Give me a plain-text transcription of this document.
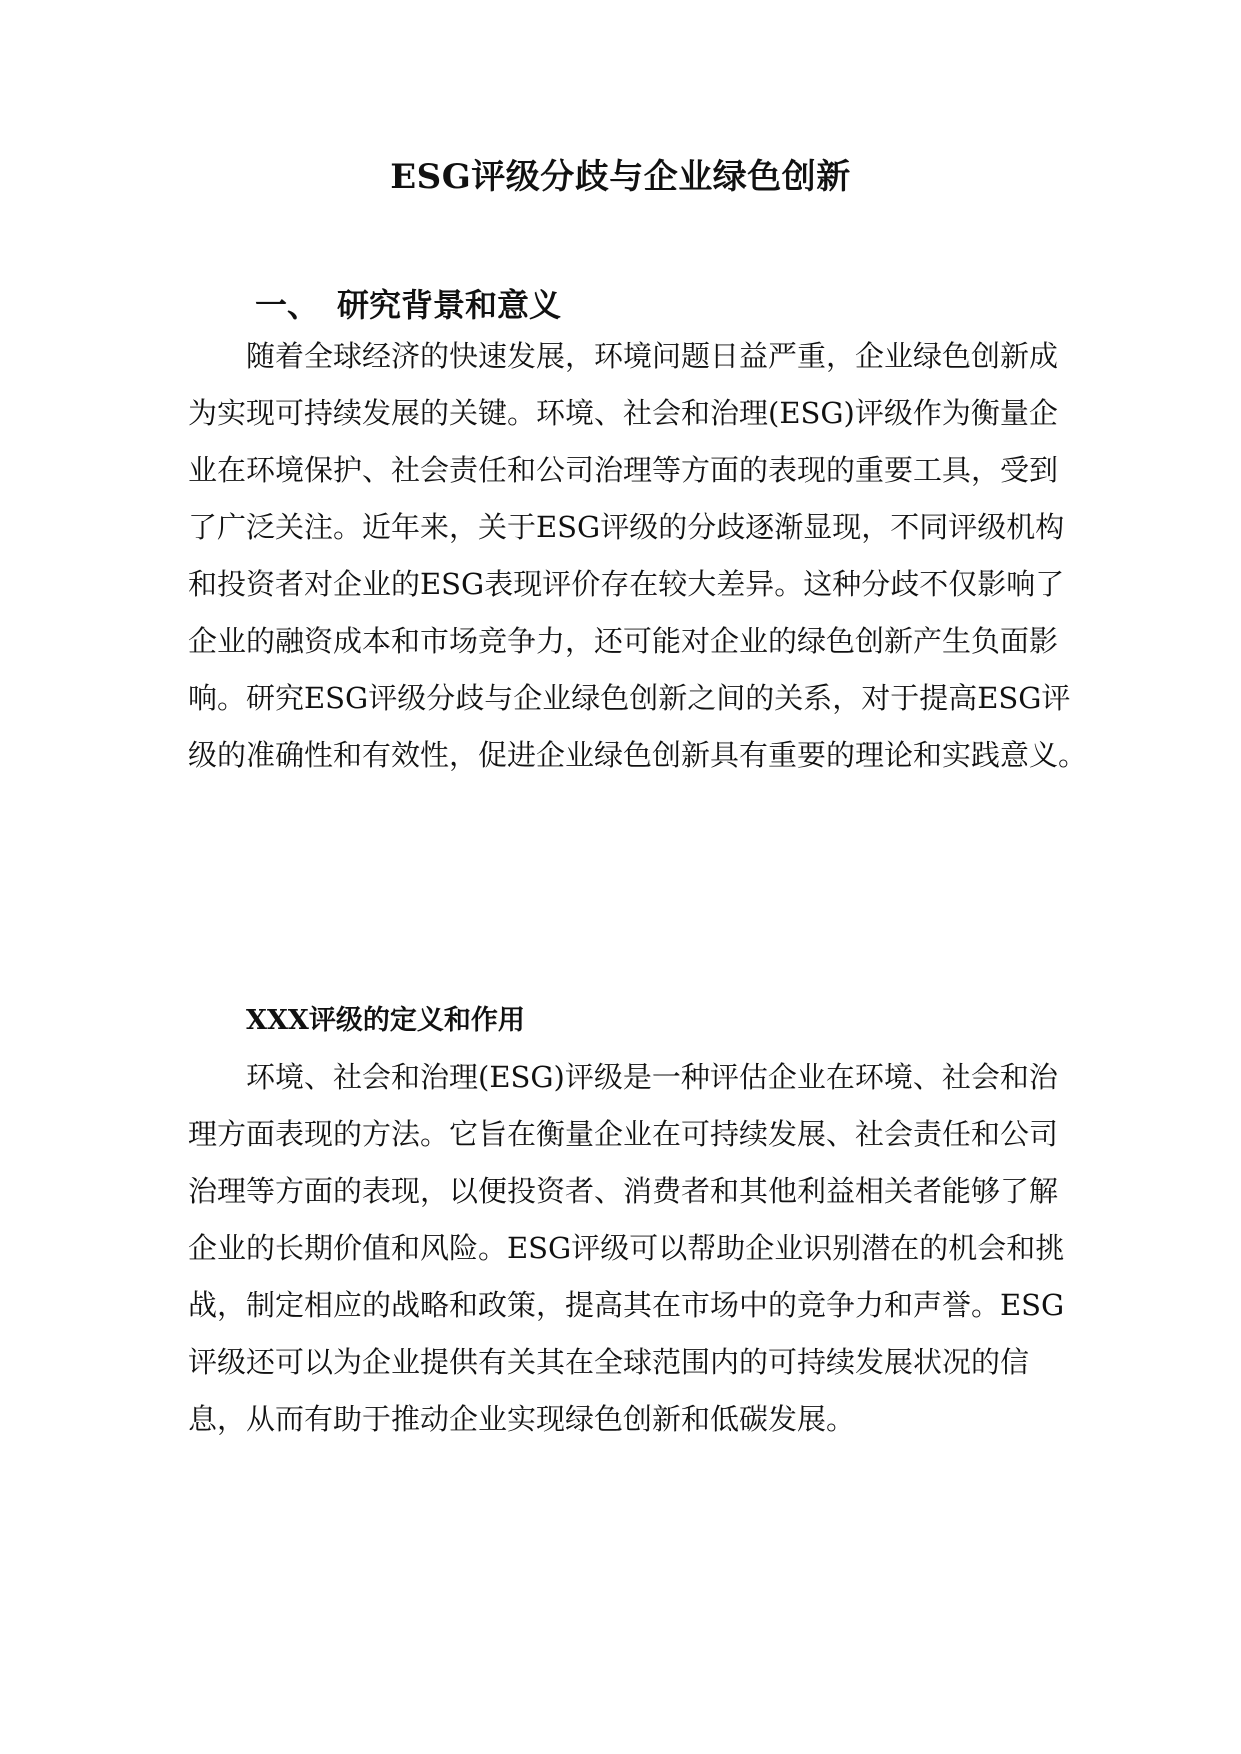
ESG评级分歧与企业绿色创新
一、 研究背景和意义
随着全球经济的快速发展，环境问题日益严重，企业绿色创新成
为实现可持续发展的关键。环境、社会和治理(ESG)评级作为衡量企
业在环境保护、社会责任和公司治理等方面的表现的重要工具，受到
了广泛关注。近年来，关于ESG评级的分歧逐渐显现，不同评级机构
和投资者对企业的ESG表现评价存在较大差异。这种分歧不仅影响了
企业的融资成本和市场竞争力，还可能对企业的绿色创新产生负面影
响。研究ESG评级分歧与企业绿色创新之间的关系，对于提高ESG评
级的准确性和有效性，促进企业绿色创新具有重要的理论和实践意义。
XXX评级的定义和作用
环境、社会和治理(ESG)评级是一种评估企业在环境、社会和治
理方面表现的方法。它旨在衡量企业在可持续发展、社会责任和公司
治理等方面的表现，以便投资者、消费者和其他利益相关者能够了解
企业的长期价值和风险。ESG评级可以帮助企业识别潜在的机会和挑
战，制定相应的战略和政策，提高其在市场中的竞争力和声誉。ESG
评级还可以为企业提供有关其在全球范围内的可持续发展状况的信
息，从而有助于推动企业实现绿色创新和低碳发展。
